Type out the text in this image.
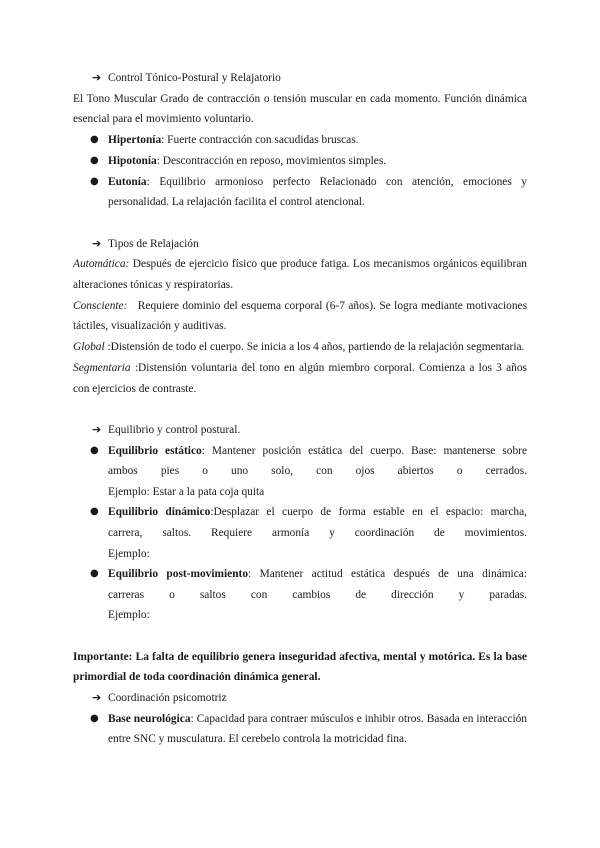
➔ Control Tónico-Postural y Relajatorio
El Tono Muscular Grado de contracción o tensión muscular en cada momento. Función dinámica esencial para el movimiento voluntario.
● Hipertonía: Fuerte contracción con sacudidas bruscas.
● Hipotonía: Descontracción en reposo, movimientos simples.
● Eutonía: Equilibrio armonioso perfecto Relacionado con atención, emociones y personalidad. La relajación facilita el control atencional.
➔ Tipos de Relajación
Automática: Después de ejercicio físico que produce fatiga. Los mecanismos orgánicos equilibran alteraciones tónicas y respiratorias.
Consciente:   Requiere dominio del esquema corporal (6-7 años). Se logra mediante motivaciones táctiles, visualización y auditivas.
Global :Distensión de todo el cuerpo. Se inicia a los 4 años, partiendo de la relajación segmentaria.
Segmentaria :Distensión voluntaria del tono en algún miembro corporal. Comienza a los 3 años con ejercicios de contraste.
➔ Equilibrio y control postural.
● Equilibrio estático: Mantener posición estática del cuerpo. Base: mantenerse sobre
ambos pies o uno solo, con ojos abiertos o cerrados.
Ejemplo: Estar a la pata coja quita
● Equilibrio dinámico:Desplazar el cuerpo de forma estable en el espacio: marcha,
carrera, saltos. Requiere armonía y coordinación de movimientos.
Ejemplo:
● Equilibrio post-movimiento: Mantener actitud estática después de una dinámica:
carreras o saltos con cambios de dirección y paradas.
Ejemplo:
Importante: La falta de equilibrio genera inseguridad afectiva, mental y motórica. Es la base primordial de toda coordinación dinámica general.
➔ Coordinación psicomotriz
● Base neurológica: Capacidad para contraer músculos e inhibir otros. Basada en interacción entre SNC y musculatura. El cerebelo controla la motricidad fina.
